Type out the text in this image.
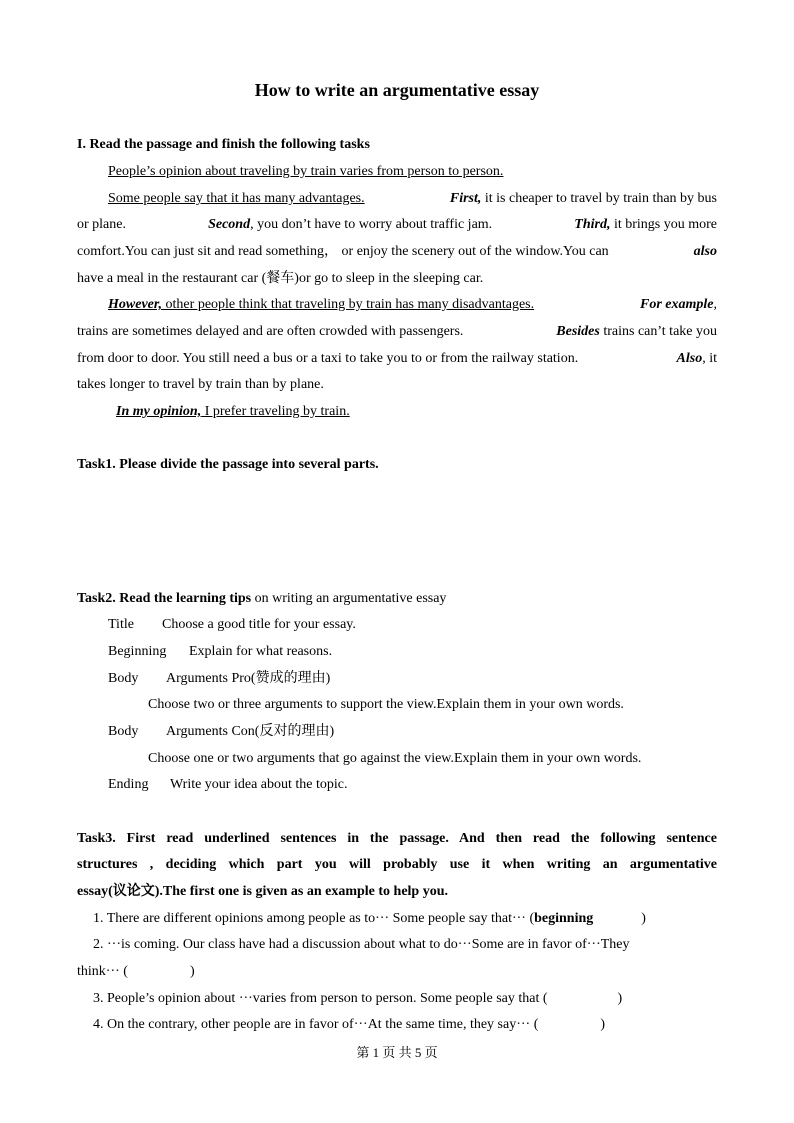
How to write an argumentative essay
I. Read the passage and finish the following tasks
People’s opinion about traveling by train varies from person to person.
Some people say that it has many advantages.	First, it is cheaper to travel by train than by bus
or plane.	Second, you don’t have to worry about traffic jam.	Third, it brings you more
comfort.You can just sit and read something， or enjoy the scenery out of the window.You can	also
have a meal in the restaurant car (餐车)or go to sleep in the sleeping car.
However, other people think that traveling by train has many disadvantages.	For example,
trains are sometimes delayed and are often crowded with passengers.	Besides trains can’t take you
from door to door. You still need a bus or a taxi to take you to or from the railway station.	Also, it
takes longer to travel by train than by plane.
In my opinion, I prefer traveling by train.
Task1. Please divide the passage into several parts.
Task2. Read the learning tips on writing an argumentative essay
Title Choose a good title for your essay.
Beginning Explain for what reasons.
Body Arguments Pro(赞成的理由)
Choose two or three arguments to support the view.Explain them in your own words.
Body Arguments Con(反对的理由)
Choose one or two arguments that go against the view.Explain them in your own words.
Ending Write your idea about the topic.
Task3. First read underlined sentences in the passage. And then read the following sentence
structures , deciding which part you will probably use it when writing an argumentative
essay(议论文).The first one is given as an example to help you.
1. There are different opinions among people as to··· Some people say that··· (beginning	)
2. ···is coming. Our class have had a discussion about what to do···Some are in favor of···They
think··· (	)
3. People’s opinion about ···varies from person to person. Some people say that (	)
4. On the contrary, other people are in favor of···At the same time, they say··· (	)
第 1 页 共 5 页
